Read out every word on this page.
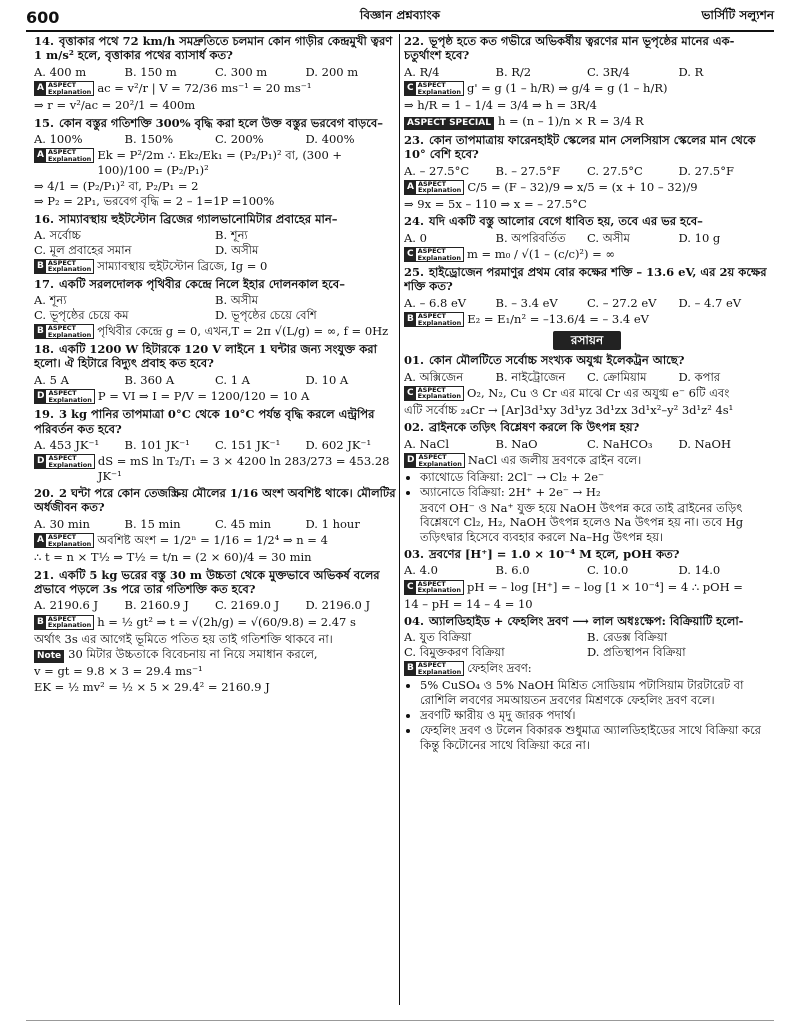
600	বিজ্ঞান প্রশ্নব্যাংক	ভার্সিটি সল্যুশন
14. বৃত্তাকার পথে 72 km/h সমদ্রুতিতে চলমান কোন গাড়ীর কেন্দ্রমুখী ত্বরণ 1 m/s² হলে, বৃত্তাকার পথের ব্যাসার্ধ কত?
A. 400 m	B. 150 m	C. 300 m	D. 200 m
A ASPECT
Explanation ac = v²/r | V = 72/36 ms⁻¹ = 20 ms⁻¹
⇒ r = v²/ac = 20²/1 = 400m
15. কোন বস্তুর গতিশক্তি 300% বৃদ্ধি করা হলে উক্ত বস্তুর ভরবেগ বাড়বে–
A. 100%	B. 150%	C. 200%	D. 400%
A ASPECT
Explanation Ek = P²/2m ∴ Ek₂/Ek₁ = (P₂/P₁)² বা, (300 + 100)/100 = (P₂/P₁)²
⇒ 4/1 = (P₂/P₁)² বা, P₂/P₁ = 2
⇒ P₂ = 2P₁, ভরবেগ বৃদ্ধি = 2 – 1=1P =100%
16. সাম্যাবস্থায় হুইটস্টোন ব্রিজের গ্যালভানোমিটার প্রবাহের মান–
A. সর্বোচ্চ	B. শূন্য
C. মূল প্রবাহের সমান	D. অসীম
B ASPECT
Explanation সাম্যাবস্থায় হুইটস্টোন ব্রিজে, Ig = 0
17. একটি সরলদোলক পৃথিবীর কেন্দ্রে নিলে ইহার দোলনকাল হবে–
A. শূন্য	B. অসীম
C. ভূপৃষ্ঠের চেয়ে কম	D. ভূপৃষ্ঠের চেয়ে বেশি
B ASPECT
Explanation পৃথিবীর কেন্দ্রে g = 0, এখন,T = 2π √(L/g) = ∞, f = 0Hz
18. একটি 1200 W হিটারকে 120 V লাইনে 1 ঘন্টার জন্য সংযুক্ত করা হলো। ঐ হিটারে বিদ্যুৎ প্রবাহ কত হবে?
A. 5 A	B. 360 A	C. 1 A	D. 10 A
D ASPECT
Explanation P = VI ⇒ I = P/V = 1200/120 = 10 A
19. 3 kg পানির তাপমাত্রা 0°C থেকে 10°C পর্যন্ত বৃদ্ধি করলে এন্ট্রপির পরিবর্তন কত হবে?
A. 453 JK⁻¹	B. 101 JK⁻¹	C. 151 JK⁻¹	D. 602 JK⁻¹
D ASPECT
Explanation dS = mS ln T₂/T₁ = 3 × 4200 ln 283/273 = 453.28 JK⁻¹
20. 2 ঘন্টা পরে কোন তেজস্ক্রিয় মৌলের 1/16 অংশ অবশিষ্ট থাকে। মৌলটির অর্ধজীবন কত?
A. 30 min	B. 15 min	C. 45 min	D. 1 hour
A ASPECT
Explanation অবশিষ্ট অংশ = 1/2ⁿ = 1/16 = 1/2⁴ ⇒ n = 4
∴ t = n × T½ ⇒ T½ = t/n = (2 × 60)/4 = 30 min
21. একটি 5 kg ভরের বস্তু 30 m উচ্চতা থেকে মুক্তভাবে অভিকর্ষ বলের প্রভাবে পড়লে 3s পরে তার গতিশক্তি কত হবে?
A. 2190.6 J	B. 2160.9 J	C. 2169.0 J	D. 2196.0 J
B ASPECT
Explanation h = ½ gt² ⇒ t = √(2h/g) = √(60/9.8) = 2.47 s
অর্থাৎ 3s এর আগেই ভূমিতে পতিত হয় তাই গতিশক্তি থাকবে না।
Note 30 মিটার উচ্চতাকে বিবেচনায় না নিয়ে সমাধান করলে,
v = gt = 9.8 × 3 = 29.4 ms⁻¹
EK = ½ mv² = ½ × 5 × 29.4² = 2160.9 J
22. ভূপৃষ্ঠ হতে কত গভীরে অভিকর্ষীয় ত্বরণের মান ভূপৃষ্ঠের মানের এক-চতুর্থাংশ হবে?
A. R/4	B. R/2	C. 3R/4	D. R
C ASPECT
Explanation g' = g (1 – h/R) ⇒ g/4 = g (1 – h/R)
⇒ h/R = 1 – 1/4 = 3/4 ⇒ h = 3R/4
ASPECT SPECIAL h = (n – 1)/n × R = 3/4 R
23. কোন তাপমাত্রায় ফারেনহাইট স্কেলের মান সেলসিয়াস স্কেলের মান থেকে 10° বেশি হবে?
A. – 27.5°C	B. – 27.5°F	C. 27.5°C	D. 27.5°F
A ASPECT
Explanation C/5 = (F – 32)/9 ⇒ x/5 = (x + 10 – 32)/9
⇒ 9x = 5x – 110 ⇒ x = – 27.5°C
24. যদি একটি বস্তু আলোর বেগে ধাবিত হয়, তবে এর ভর হবে–
A. 0	B. অপরিবর্তিত	C. অসীম	D. 10 g
C ASPECT
Explanation m = m₀ / √(1 – (c/c)²) = ∞
25. হাইড্রোজেন পরমাণুর প্রথম বোর কক্ষের শক্তি – 13.6 eV, এর 2য় কক্ষের শক্তি কত?
A. – 6.8 eV	B. – 3.4 eV	C. – 27.2 eV	D. – 4.7 eV
B ASPECT
Explanation E₂ = E₁/n² = –13.6/4 = – 3.4 eV
রসায়ন
01. কোন মৌলটিতে সর্বোচ্চ সংখ্যক অযুগ্ম ইলেকট্রন আছে?
A. অক্সিজেন	B. নাইট্রোজেন	C. ক্রোমিয়াম	D. কপার
C ASPECT
Explanation O₂, N₂, Cu ও Cr এর মাঝে Cr এর অযুগ্ম e⁻ 6টি এবং
এটি সর্বোচ্চ ₂₄Cr → [Ar]3d¹xy 3d¹yz 3d¹zx 3d¹x²–y² 3d¹z² 4s¹
02. ব্রাইনকে তড়িৎ বিশ্লেষণ করলে কি উৎপন্ন হয়?
A. NaCl	B. NaO	C. NaHCO₃	D. NaOH
D ASPECT
Explanation NaCl এর জলীয় দ্রবণকে ব্রাইন বলে।
• ক্যাথোডে বিক্রিয়া: 2Cl⁻ → Cl₂ + 2e⁻
• অ্যানোডে বিক্রিয়া: 2H⁺ + 2e⁻ → H₂
দ্রবণে OH⁻ ও Na⁺ যুক্ত হয়ে NaOH উৎপন্ন করে তাই ব্রাইনের তড়িৎ বিশ্লেষণে Cl₂, H₂, NaOH উৎপন্ন হলেও Na উৎপন্ন হয় না। তবে Hg তড়িৎদ্বার হিসেবে ব্যবহার করলে Na–Hg উৎপন্ন হয়।
03. দ্রবণের [H⁺] = 1.0 × 10⁻⁴ M হলে, pOH কত?
A. 4.0	B. 6.0	C. 10.0	D. 14.0
C ASPECT
Explanation pH = – log [H⁺] = – log [1 × 10⁻⁴] = 4 ∴ pOH =
14 – pH = 14 – 4 = 10
04. অ্যালডিহাইড + ফেহলিং দ্রবণ ⟶ লাল অধঃক্ষেপ: বিক্রিয়াটি হলো-
A. যুত বিক্রিয়া	B. রেডক্স বিক্রিয়া
C. বিমুক্তকরণ বিক্রিয়া	D. প্রতিস্থাপন বিক্রিয়া
B ASPECT
Explanation ফেহলিং দ্রবণ:
• 5% CuSO₄ ও 5% NaOH মিশ্রিত সোডিয়াম পটাসিয়াম টারটারেট বা রোশিলি লবণের সমআয়তন দ্রবণের মিশ্রণকে ফেহলিং দ্রবণ বলে।
• দ্রবণটি ক্ষারীয় ও মৃদু জারক পদার্থ।
• ফেহলিং দ্রবণ ও টলেন বিকারক শুধুমাত্র অ্যালডিহাইডের সাথে বিক্রিয়া করে কিন্তু কিটোনের সাথে বিক্রিয়া করে না।
